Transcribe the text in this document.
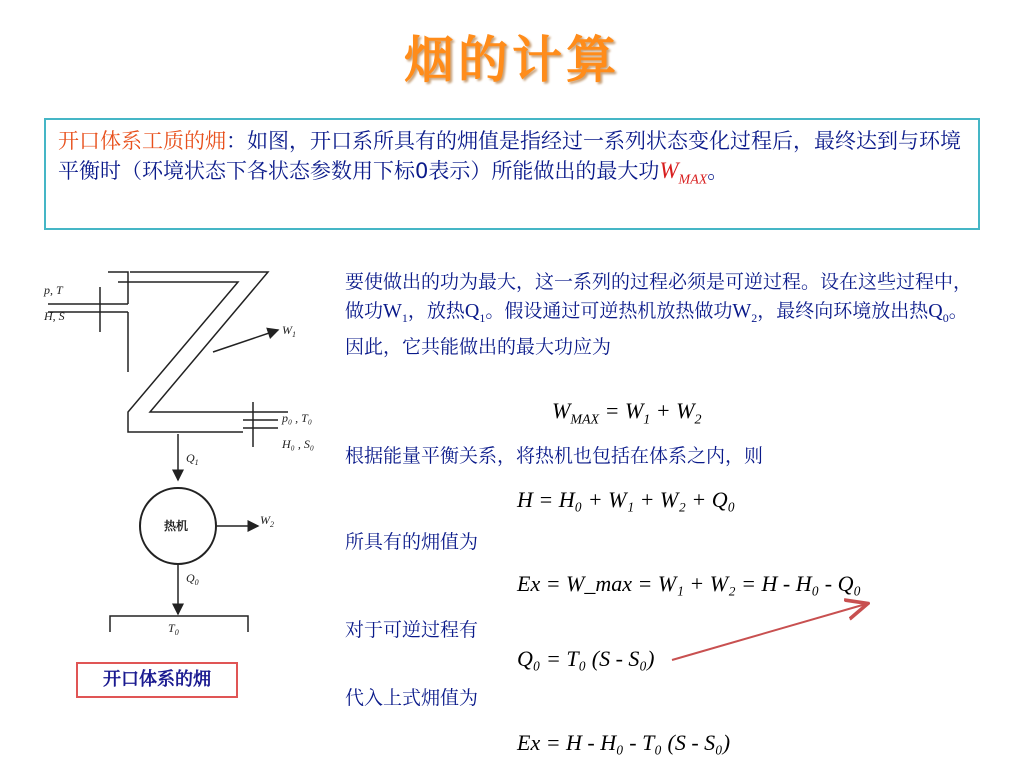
烟的计算
开口体系工质的㶲：如图，开口系所具有的㶲值是指经过一系列状态变化过程后，最终达到与环境平衡时（环境状态下各状态参数用下标0表示）所能做出的最大功$W_{MAX}$。
p, T
H, S
$W_1$
p₀ , T₀
H₀ , S₀
$Q_1$
热机	$W_2$
$Q_0$
$T_0$
开口体系的㶲
要使做出的功为最大，这一系列的过程必须是可逆过程。设在这些过程中，做功$W_1$，放热$Q_1$。假设通过可逆热机放热做功$W_2$，最终向环境放出热$Q_0$。因此，它共能做出的最大功应为
$W_{MAX} = W_1 + W_2$
根据能量平衡关系，将热机也包括在体系之内，则
H = H₀ + W₁ + W₂ + Q₀
所具有的㶲值为
Ex = W_max = W₁ + W₂ = H - H₀ - Q₀
对于可逆过程有
Q₀ = T₀ (S - S₀)
代入上式㶲值为
Ex = H - H₀ - T₀ (S - S₀)
